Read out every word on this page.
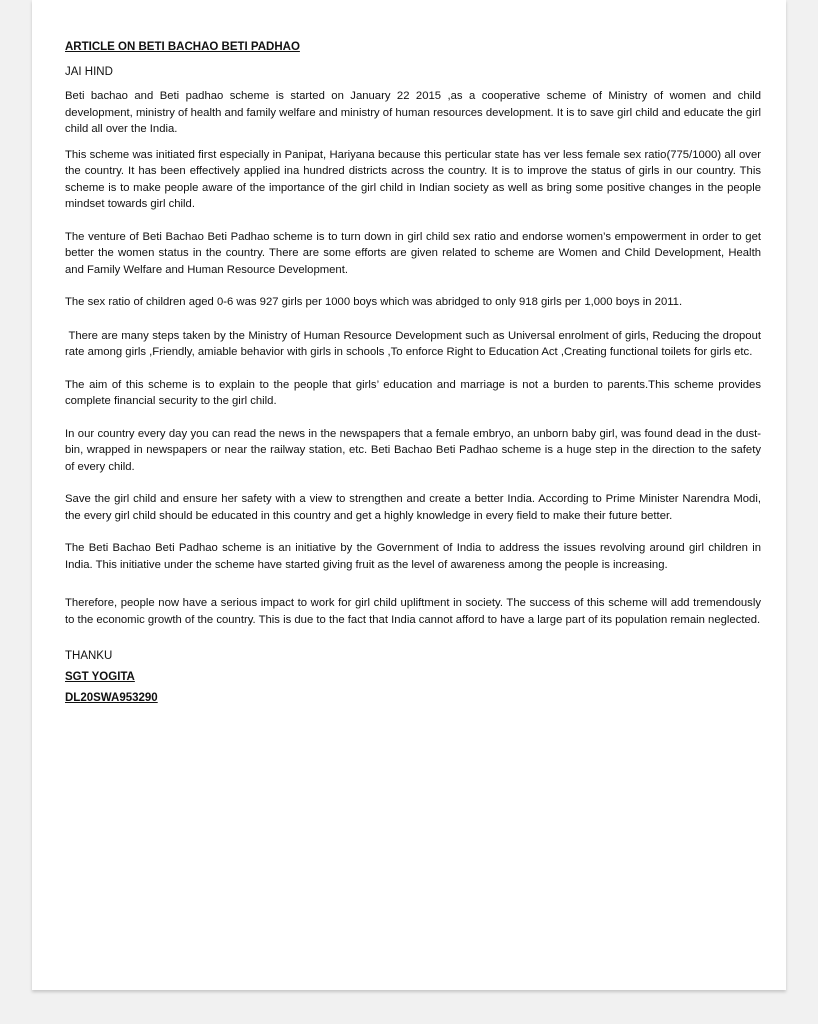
ARTICLE ON BETI BACHAO BETI PADHAO
JAI HIND

Beti bachao and Beti padhao scheme is started on January 22 2015 ,as a cooperative scheme of Ministry of women and child development, ministry of health and family welfare and ministry of human resources development. It is to save girl child and educate the girl child all over the India.

This scheme was initiated first especially in Panipat, Hariyana because this perticular state has ver less female sex ratio(775/1000) all over the country. It has been effectively applied ina hundred districts across the country. It is to improve the status of girls in our country. This scheme is to make people aware of the importance of the girl child in Indian society as well as bring some positive changes in the people mindset towards girl child.

The venture of Beti Bachao Beti Padhao scheme is to turn down in girl child sex ratio and endorse women’s empowerment in order to get better the women status in the country. There are some efforts are given related to scheme are Women and Child Development, Health and Family Welfare and Human Resource Development.

The sex ratio of children aged 0-6 was 927 girls per 1000 boys which was abridged to only 918 girls per 1,000 boys in 2011.

There are many steps taken by the Ministry of Human Resource Development such as Universal enrolment of girls, Reducing the dropout rate among girls ,Friendly, amiable behavior with girls in schools ,To enforce Right to Education Act ,Creating functional toilets for girls etc.

The aim of this scheme is to explain to the people that girls’ education and marriage is not a burden to parents.This scheme provides complete financial security to the girl child.

In our country every day you can read the news in the newspapers that a female embryo, an unborn baby girl, was found dead in the dust-bin, wrapped in newspapers or near the railway station, etc. Beti Bachao Beti Padhao scheme is a huge step in the direction to the safety of every child.

Save the girl child and ensure her safety with a view to strengthen and create a better India. According to Prime Minister Narendra Modi, the every girl child should be educated in this country and get a highly knowledge in every field to make their future better.

The Beti Bachao Beti Padhao scheme is an initiative by the Government of India to address the issues revolving around girl children in India. This initiative under the scheme have started giving fruit as the level of awareness among the people is increasing.

Therefore, people now have a serious impact to work for girl child upliftment in society. The success of this scheme will add tremendously to the economic growth of the country. This is due to the fact that India cannot afford to have a large part of its population remain neglected.

THANKU
SGT YOGITA
DL20SWA953290
